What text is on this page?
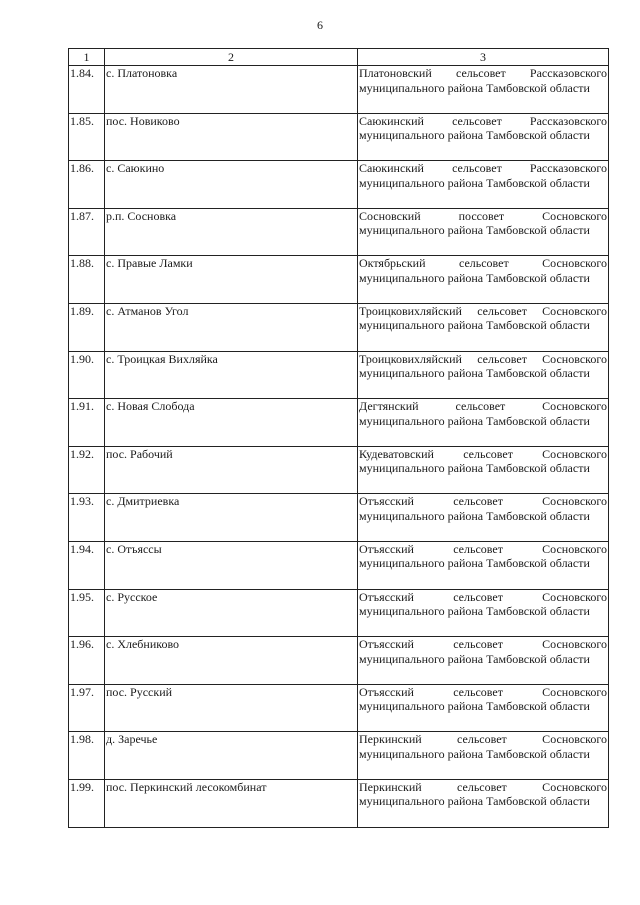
6
1	2	3
1.84.	с. Платоновка	Платоновский сельсовет Рассказовского муниципального района Тамбовской области
1.85.	пос. Новиково	Саюкинский сельсовет Рассказовского муниципального района Тамбовской области
1.86.	с. Саюкино	Саюкинский сельсовет Рассказовского муниципального района Тамбовской области
1.87.	р.п. Сосновка	Сосновский поссовет Сосновского муниципального района Тамбовской области
1.88.	с. Правые Ламки	Октябрьский сельсовет Сосновского муниципального района Тамбовской области
1.89.	с. Атманов Угол	Троицковихляйский сельсовет Сосновского муниципального района Тамбовской области
1.90.	с. Троицкая Вихляйка	Троицковихляйский сельсовет Сосновского муниципального района Тамбовской области
1.91.	с. Новая Слобода	Дегтянский сельсовет Сосновского муниципального района Тамбовской области
1.92.	пос. Рабочий	Кудеватовский сельсовет Сосновского муниципального района Тамбовской области
1.93.	с. Дмитриевка	Отъясский сельсовет Сосновского муниципального района Тамбовской области
1.94.	с. Отъяссы	Отъясский сельсовет Сосновского муниципального района Тамбовской области
1.95.	с. Русское	Отъясский сельсовет Сосновского муниципального района Тамбовской области
1.96.	с. Хлебниково	Отъясский сельсовет Сосновского муниципального района Тамбовской области
1.97.	пос. Русский	Отъясский сельсовет Сосновского муниципального района Тамбовской области
1.98.	д. Заречье	Перкинский сельсовет Сосновского муниципального района Тамбовской области
1.99.	пос. Перкинский лесокомбинат	Перкинский сельсовет Сосновского муниципального района Тамбовской области
